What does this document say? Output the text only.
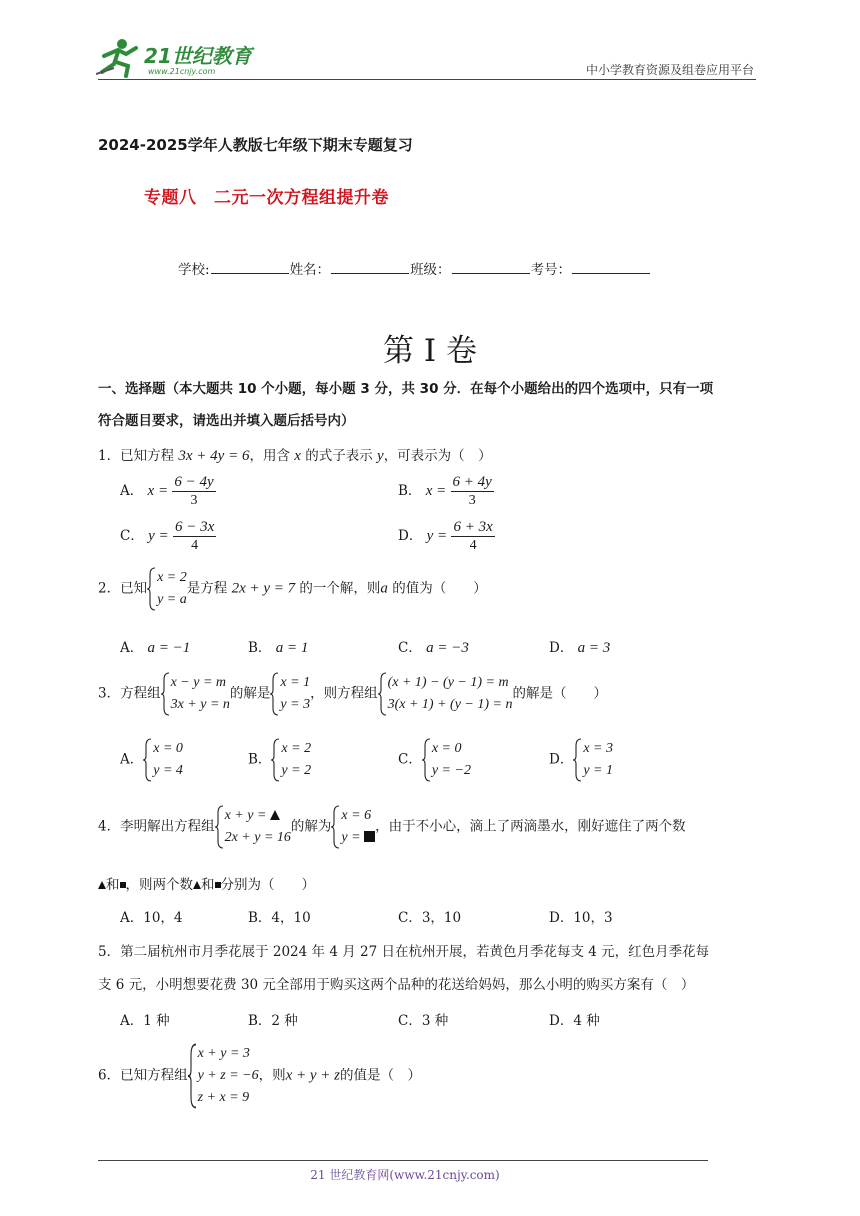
21世纪教育
www.21cnjy.com	中小学教育资源及组卷应用平台
2024-2025学年人教版七年级下期末专题复习
专题八　二元一次方程组提升卷
学校:	姓名：	班级：	考号：
第 I 卷
一、选择题（本大题共 10 个小题，每小题 3 分，共 30 分．在每个小题给出的四个选项中，只有一项
符合题目要求，请选出并填入题后括号内）
1．已知方程 3x + 4y = 6，用含 x 的式子表示 y，可表示为（　）
A． $x = \frac{6 - 4y}{3}$	B． $x = \frac{6 + 4y}{3}$
C． $y = \frac{6 - 3x}{4}$	D． $y = \frac{6 + 3x}{4}$
2．已知
x = 2
y = a
是方程 2x + y = 7 的一个解，则a 的值为（　　）
A． a = −1	B． a = 1	C． a = −3	D． a = 3
3．方程组
x − y = m
3x + y = n
的解是
x = 1
y = 3
，则方程组
(x + 1) − (y − 1) = m
3(x + 1) + (y − 1) = n
的解是（　　）
A．
x = 0
y = 4
B．
x = 2
y = 2
C．
x = 0
y = −2
D．
x = 3
y = 1
4．李明解出方程组
x + y =
2x + y = 16
的解为
x = 6
y =
，由于不小心，滴上了两滴墨水，刚好遮住了两个数
和 ，则两个数 和 分别为（　　）
A．10，4	B．4，10	C．3，10	D．10，3
5．第二届杭州市月季花展于 2024 年 4 月 27 日在杭州开展，若黄色月季花每支 4 元，红色月季花每
支 6 元，小明想要花费 30 元全部用于购买这两个品种的花送给妈妈，那么小明的购买方案有（　）
A．1 种	B．2 种	C．3 种	D．4 种
6．已知方程组
x + y = 3
y + z = −6
z + x = 9
，则x + y + z的值是（　）
21 世纪教育网(www.21cnjy.com)
